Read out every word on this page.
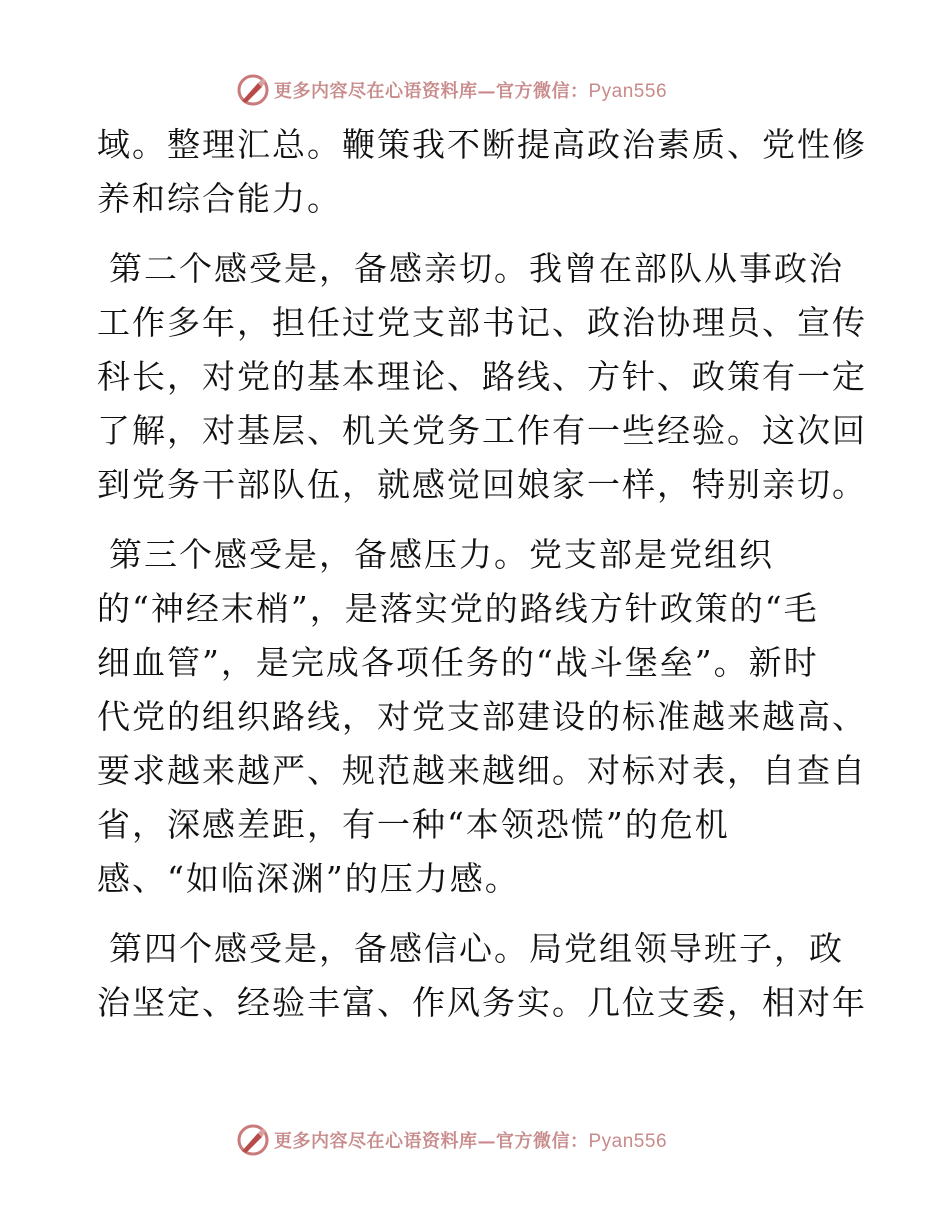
更多内容尽在心语资料库—官方微信：Pyan556
域。整理汇总。鞭策我不断提高政治素质、党性修
养和综合能力。
第二个感受是，备感亲切。我曾在部队从事政治
工作多年，担任过党支部书记、政治协理员、宣传
科长，对党的基本理论、路线、方针、政策有一定
了解，对基层、机关党务工作有一些经验。这次回
到党务干部队伍，就感觉回娘家一样，特别亲切。
第三个感受是，备感压力。党支部是党组织
的“神经末梢”，是落实党的路线方针政策的“毛
细血管”，是完成各项任务的“战斗堡垒”。新时
代党的组织路线，对党支部建设的标准越来越高、
要求越来越严、规范越来越细。对标对表，自查自
省，深感差距，有一种“本领恐慌”的危机
感、“如临深渊”的压力感。
第四个感受是，备感信心。局党组领导班子，政
治坚定、经验丰富、作风务实。几位支委，相对年
更多内容尽在心语资料库—官方微信：Pyan556
